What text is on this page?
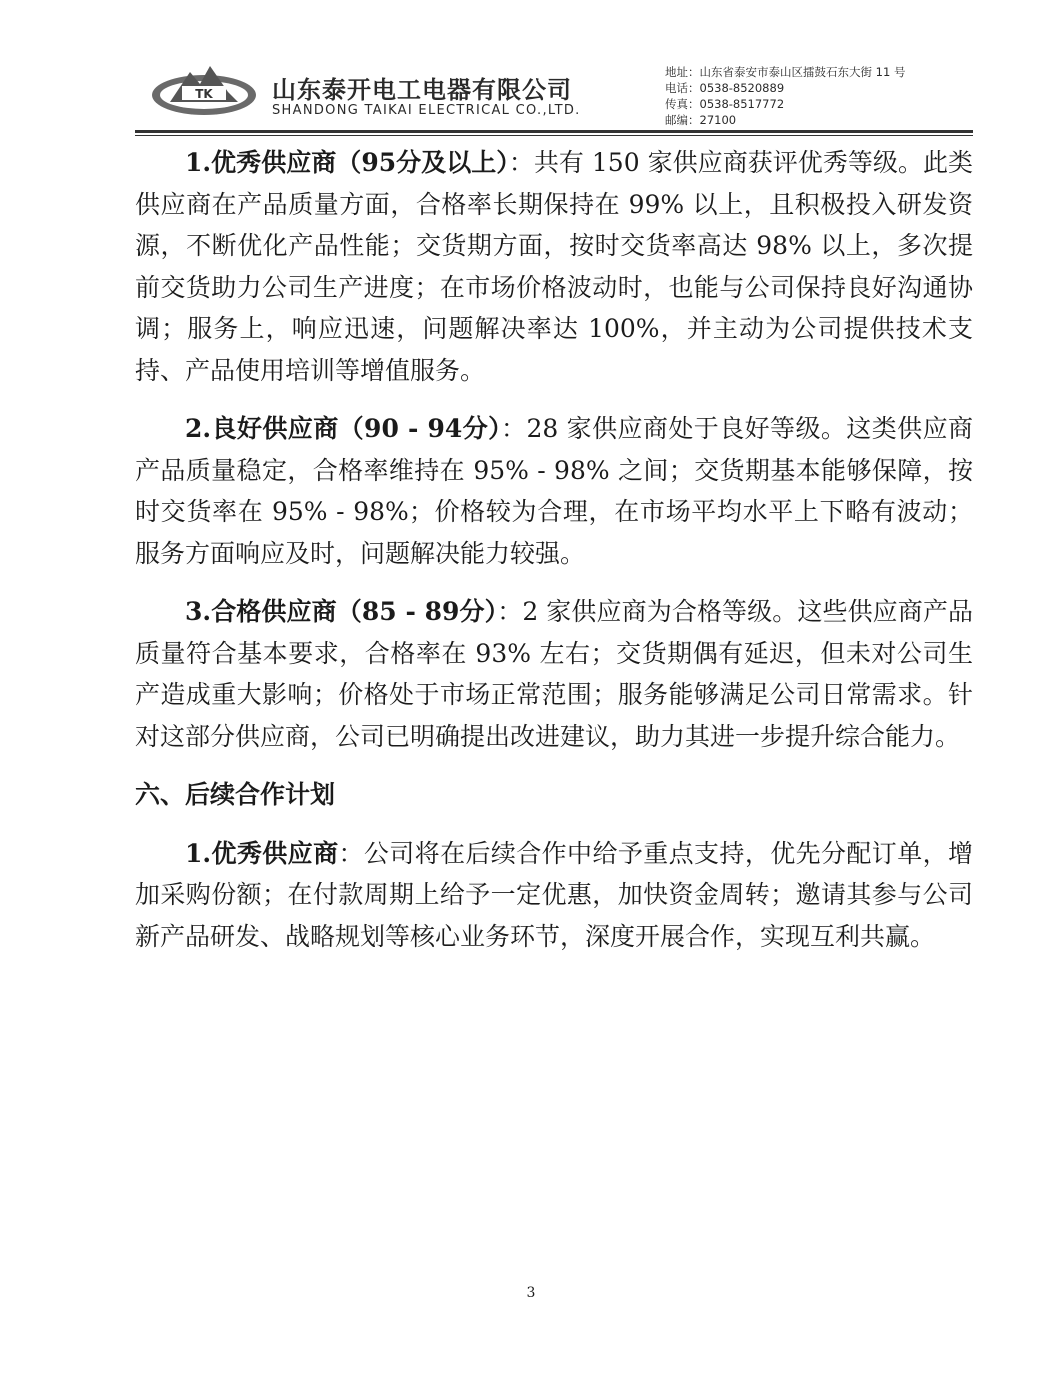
TK 山东泰开电工电器有限公司
SHANDONG TAIKAI ELECTRICAL CO.,LTD.
地址：山东省泰安市泰山区擂鼓石东大街 11 号
电话：0538-8520889
传真：0538-8517772
邮编：27100

1.优秀供应商（95分及以上）：共有 150 家供应商获评优秀等级。此类供应商在产品质量方面，合格率长期保持在 99% 以上，且积极投入研发资源，不断优化产品性能；交货期方面，按时交货率高达 98% 以上，多次提前交货助力公司生产进度；在市场价格波动时，也能与公司保持良好沟通协调；服务上，响应迅速，问题解决率达 100%，并主动为公司提供技术支持、产品使用培训等增值服务。

2.良好供应商（90 - 94分）：28 家供应商处于良好等级。这类供应商产品质量稳定，合格率维持在 95% - 98% 之间；交货期基本能够保障，按时交货率在 95% - 98%；价格较为合理，在市场平均水平上下略有波动；服务方面响应及时，问题解决能力较强。

3.合格供应商（85 - 89分）：2 家供应商为合格等级。这些供应商产品质量符合基本要求，合格率在 93% 左右；交货期偶有延迟，但未对公司生产造成重大影响；价格处于市场正常范围；服务能够满足公司日常需求。针对这部分供应商，公司已明确提出改进建议，助力其进一步提升综合能力。

六、后续合作计划

1.优秀供应商：公司将在后续合作中给予重点支持，优先分配订单，增加采购份额；在付款周期上给予一定优惠，加快资金周转；邀请其参与公司新产品研发、战略规划等核心业务环节，深度开展合作，实现互利共赢。

3
